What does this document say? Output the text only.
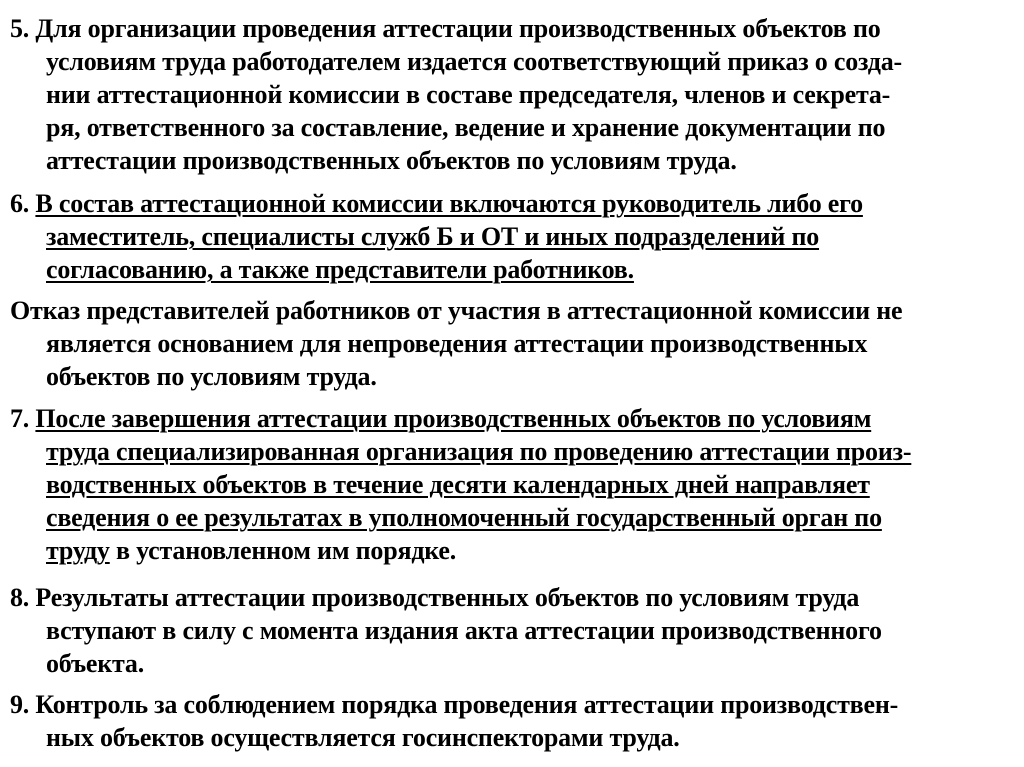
5. Для организации проведения аттестации производственных объектов по
условиям труда работодателем издается соответствующий приказ о созда-
нии аттестационной комиссии в составе председателя, членов и секрета-
ря, ответственного за составление, ведение и хранение документации по
аттестации производственных объектов по условиям труда.

6. В состав аттестационной комиссии включаются руководитель либо его
заместитель, специалисты служб Б и ОТ и иных подразделений по
согласованию, а также представители работников.

Отказ представителей работников от участия в аттестационной комиссии не
является основанием для непроведения аттестации производственных
объектов по условиям труда.

7. После завершения аттестации производственных объектов по условиям
труда специализированная организация по проведению аттестации произ-
водственных объектов в течение десяти календарных дней направляет
сведения о ее результатах в уполномоченный государственный орган по
труду в установленном им порядке.

8. Результаты аттестации производственных объектов по условиям труда
вступают в силу с момента издания акта аттестации производственного
объекта.

9. Контроль за соблюдением порядка проведения аттестации производствен-
ных объектов осуществляется госинспекторами труда.
